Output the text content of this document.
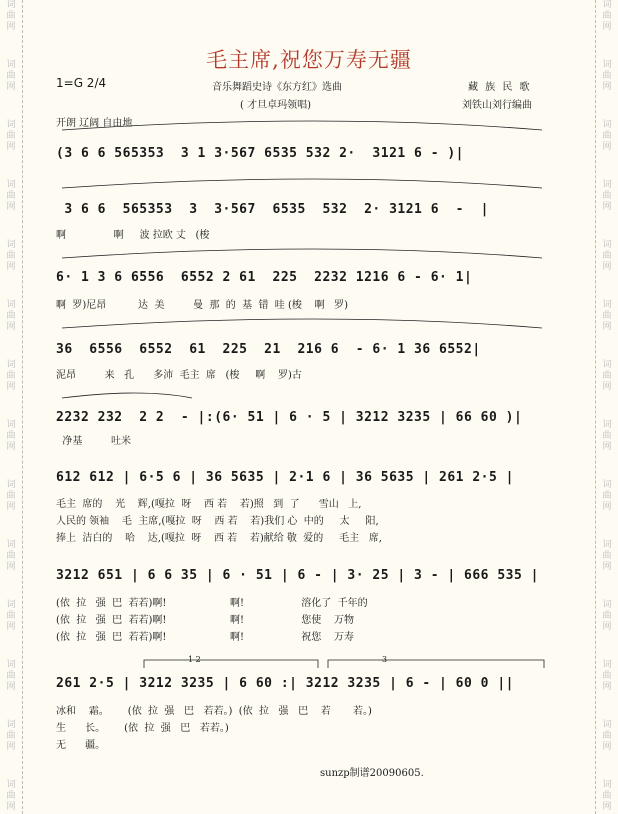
词
曲
网
词
曲
网
词
曲
网
词
曲
网
词
曲
网
词
曲
网
词
曲
网
词
曲
网
词
曲
网
词
曲
网
词
曲
网
词
曲
网
词
曲
网
词
曲
网
词
曲
网
词
曲
网
词
曲
网
词
曲
网
词
曲
网
词
曲
网
词
曲
网
词
曲
网
词
曲
网
词
曲
网
词
曲
网
词
曲
网
词
曲
网
词
曲
网
毛主席,祝您万寿无疆
1=G 2/4	音乐舞蹈史诗《东方红》选曲
( 才旦卓玛领唱)
藏 族 民 歌
刘铁山刘行编曲
开朗 辽阔 自由地
(3 6 6 565353  3 1 3·567 6535 532 2·  3121 6 - )|
3 6 6  565353  3  3·567  6535  532  2· 3121 6  -  |
啊               啊     波 拉欧 丈   (梭
6· 1 3 6 6556  6552 2 61  225  2232 1216 6 - 6· 1|
啊  罗)尼昂          达  美         曼  那  的  基  错  哇 (梭    啊   罗)
36  6556  6552  61  225  21  216 6  - 6· 1 36 6552|
泥昂         来   孔      多沛  毛主  席   (梭     啊    罗)古
2232 232  2 2  - |:(6· 51 | 6 · 5 | 3212 3235 | 66 60 )|
净基         吐米
612 612 | 6·5 6 | 36 5635 | 2·1 6 | 36 5635 | 261 2·5 |
毛主  席的    光    辉,(嘎拉  呀    西 若    若)照   到  了      雪山   上,
人民的 领袖    毛  主席,(嘎拉  呀    西 若    若)我们 心  中的     太     阳,
捧上  洁白的    哈    达,(嘎拉  呀    西 若    若)献给 敬  爱的     毛主   席,
3212 651 | 6 6 35 | 6 · 51 | 6 - | 3· 25 | 3 - | 666 535 |
(依  拉   强  巴  若若)啊!                    啊!                  溶化了  千年的
(依  拉   强  巴  若若)啊!                    啊!                  您使    万物
(依  拉   强  巴  若若)啊!                    啊!                  祝您    万寿
1 2	3
261 2·5 | 3212 3235 | 6 60 :| 3212 3235 | 6 - | 60 0 ||
冰和    霜。      (依  拉  强   巴   若若。)  (依  拉   强   巴    若       若。)
生      长。      (依  拉  强   巴   若若。)
无      疆。
sunzp制谱20090605.
